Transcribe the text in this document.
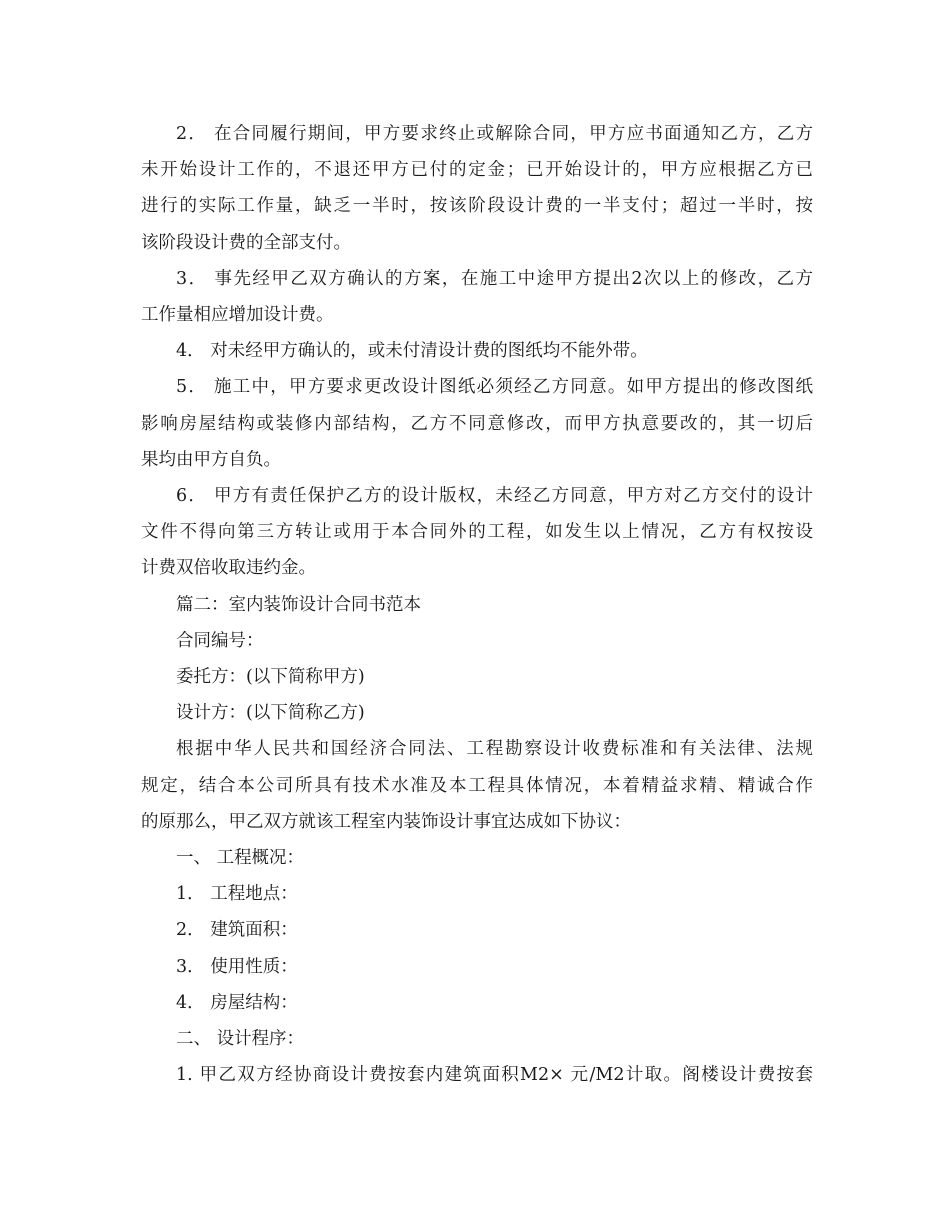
2． 在合同履行期间，甲方要求终止或解除合同，甲方应书面通知乙方，乙方
未开始设计工作的，不退还甲方已付的定金；已开始设计的，甲方应根据乙方已
进行的实际工作量，缺乏一半时，按该阶段设计费的一半支付；超过一半时，按
该阶段设计费的全部支付。
3． 事先经甲乙双方确认的方案，在施工中途甲方提出2次以上的修改，乙方
工作量相应增加设计费。
4． 对未经甲方确认的，或未付清设计费的图纸均不能外带。
5． 施工中，甲方要求更改设计图纸必须经乙方同意。如甲方提出的修改图纸
影响房屋结构或装修内部结构，乙方不同意修改，而甲方执意要改的，其一切后
果均由甲方自负。
6． 甲方有责任保护乙方的设计版权，未经乙方同意，甲方对乙方交付的设计
文件不得向第三方转让或用于本合同外的工程，如发生以上情况，乙方有权按设
计费双倍收取违约金。
篇二：室内装饰设计合同书范本
合同编号：
委托方：(以下简称甲方)
设计方：(以下简称乙方)
根据中华人民共和国经济合同法、工程勘察设计收费标准和有关法律、法规
规定，结合本公司所具有技术水准及本工程具体情况，本着精益求精、精诚合作
的原那么，甲乙双方就该工程室内装饰设计事宜达成如下协议：
一、 工程概况：
1． 工程地点：
2． 建筑面积：
3． 使用性质：
4． 房屋结构：
二、 设计程序：
1. 甲乙双方经协商设计费按套内建筑面积M2× 元/M2计取。阁楼设计费按套
